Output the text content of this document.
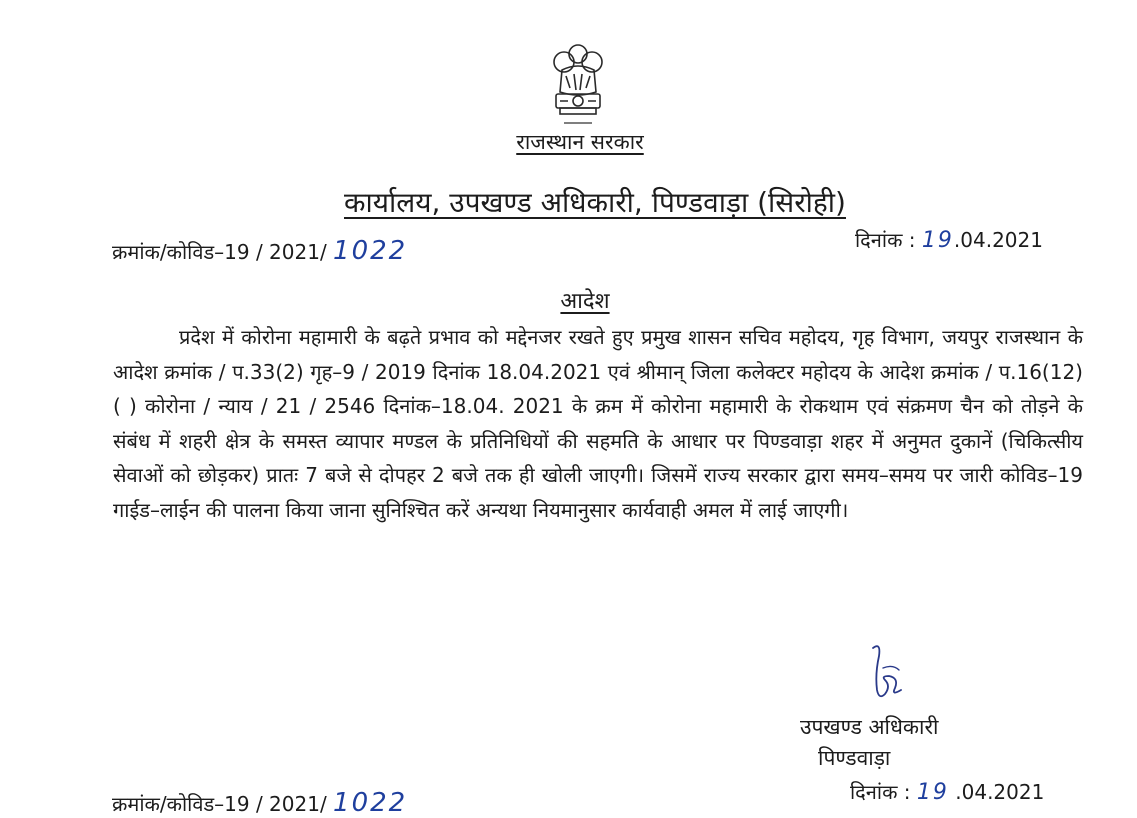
राजस्थान सरकार
कार्यालय, उपखण्ड अधिकारी, पिण्डवाड़ा (सिरोही)
क्रमांक/कोविड–19 / 2021/ 1022	दिनांक : 19.04.2021
आदेश
प्रदेश में कोरोना महामारी के बढ़ते प्रभाव को मद्देनजर रखते हुए प्रमुख शासन सचिव महोदय, गृह विभाग, जयपुर राजस्थान के आदेश क्रमांक / प.33(2) गृह–9 / 2019 दिनांक 18.04.2021 एवं श्रीमान् जिला कलेक्टर महोदय के आदेश क्रमांक / प.16(12)( ) कोरोना / न्याय / 21 / 2546 दिनांक–18.04. 2021 के क्रम में कोरोना महामारी के रोकथाम एवं संक्रमण चैन को तोड़ने के संबंध में शहरी क्षेत्र के समस्त व्यापार मण्डल के प्रतिनिधियों की सहमति के आधार पर पिण्डवाड़ा शहर में अनुमत दुकानें (चिकित्सीय सेवाओं को छोड़कर) प्रातः 7 बजे से दोपहर 2 बजे तक ही खोली जाएगी। जिसमें राज्य सरकार द्वारा समय–समय पर जारी कोविड–19 गाईड–लाईन की पालना किया जाना सुनिश्चित करें अन्यथा नियमानुसार कार्यवाही अमल में लाई जाएगी।
उपखण्ड अधिकारी
पिण्डवाड़ा
क्रमांक/कोविड–19 / 2021/ 1022	दिनांक : 19 .04.2021
